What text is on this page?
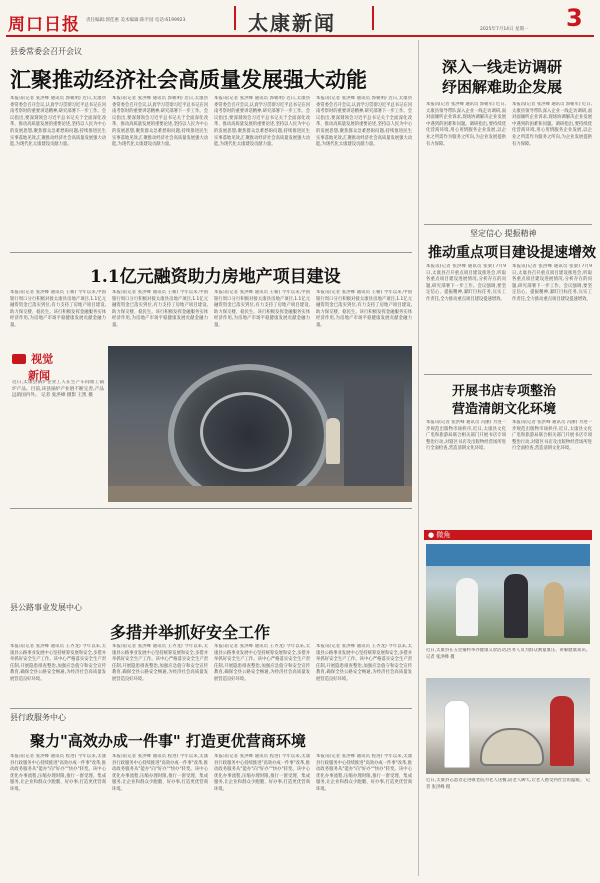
周口日报 责任编辑:郭佳惠 美术编辑:陈平园 电话:6199923	太康新闻	2025年7月14日 星期一 3
县委常委会召开会议
汇聚推动经济社会高质量发展强大动能
本报讯(记者 张洪峰 通讯员 郭朝明) 近日,太康县委常委会召开会议,认真学习贯彻习近平总书记在河南考察时的重要讲话精神,研究部署下一步工作。会议指出,要深刻领会习近平总书记关于全面深化改革、推动高质量发展的重要论述,坚持以人民为中心的发展思想,聚焦群众急难愁盼问题,持续推进民生实事落地见效,汇聚推动经济社会高质量发展强大动能,为现代化太康建设贡献力量。
本报讯(记者 张洪峰 通讯员 郭朝明) 近日,太康县委常委会召开会议,认真学习贯彻习近平总书记在河南考察时的重要讲话精神,研究部署下一步工作。会议指出,要深刻领会习近平总书记关于全面深化改革、推动高质量发展的重要论述,坚持以人民为中心的发展思想,聚焦群众急难愁盼问题,持续推进民生实事落地见效,汇聚推动经济社会高质量发展强大动能,为现代化太康建设贡献力量。
本报讯(记者 张洪峰 通讯员 郭朝明) 近日,太康县委常委会召开会议,认真学习贯彻习近平总书记在河南考察时的重要讲话精神,研究部署下一步工作。会议指出,要深刻领会习近平总书记关于全面深化改革、推动高质量发展的重要论述,坚持以人民为中心的发展思想,聚焦群众急难愁盼问题,持续推进民生实事落地见效,汇聚推动经济社会高质量发展强大动能,为现代化太康建设贡献力量。
本报讯(记者 张洪峰 通讯员 郭朝明) 近日,太康县委常委会召开会议,认真学习贯彻习近平总书记在河南考察时的重要讲话精神,研究部署下一步工作。会议指出,要深刻领会习近平总书记关于全面深化改革、推动高质量发展的重要论述,坚持以人民为中心的发展思想,聚焦群众急难愁盼问题,持续推进民生实事落地见效,汇聚推动经济社会高质量发展强大动能,为现代化太康建设贡献力量。
深入一线走访调研
纾困解难助企发展
本报讯(记者 张洪峰 通讯员 郭朝军) 近日,太康县领导带队深入企业一线走访调研,面对面倾听企业诉求,现场协调解决企业发展中遇到的困难和问题。调研指出,要持续优化营商环境,用心用情服务企业发展,以企业之所需作为服务之所向,为企业发展提供有力保障。
本报讯(记者 张洪峰 通讯员 郭朝军) 近日,太康县领导带队深入企业一线走访调研,面对面倾听企业诉求,现场协调解决企业发展中遇到的困难和问题。调研指出,要持续优化营商环境,用心用情服务企业发展,以企业之所需作为服务之所向,为企业发展提供有力保障。
坚定信心 提振精神
推动重点项目建设提速增效
本报讯(记者 张洪峰 通讯员 张梁) 7月9日,太康县召开重点项目建设推进会,听取各重点项目建设进展情况,分析存在的问题,研究部署下一步工作。会议强调,要坚定信心、提振精神,紧盯目标任务,压实工作责任,全力推动重点项目建设提速增效。
本报讯(记者 张洪峰 通讯员 张梁) 7月9日,太康县召开重点项目建设推进会,听取各重点项目建设进展情况,分析存在的问题,研究部署下一步工作。会议强调,要坚定信心、提振精神,紧盯目标任务,压实工作责任,全力推动重点项目建设提速增效。
开展书店专项整治
营造清朗文化环境
本报讯(记者 张洪峰 通讯员 冯丽) 为进一步规范出版物市场秩序,近日,太康县文化广电和旅游局联合相关部门开展书店专项整治行动,对辖区书店及出版物经营场所进行全面检查,营造清朗文化环境。
本报讯(记者 张洪峰 通讯员 冯丽) 为进一步规范出版物市场秩序,近日,太康县文化广电和旅游局联合相关部门开展书店专项整治行动,对辖区书店及出版物经营场所进行全面检查,营造清朗文化环境。
● 微角
近日,太康县在五里铺村举办健康义诊活动,医务人员为群众测量血压、讲解健康知识。 记者 张洪峰 摄
近日,太康县志愿者走进敬老院为老人送餐,陪老人聊天,让老人感受到社会的温暖。 记者 张洪峰 摄
1.1亿元融资助力房地产项目建设
本报讯(记者 张洪峰 通讯员 王朝) 今年以来,中国银行周口分行积极对接太康县房地产项目,1.1亿元融资资金已落实到位,有力支持了房地产项目建设,助力保交楼、稳民生。该行积极发挥金融服务实体经济作用,为房地产市场平稳健康发展贡献金融力量。
本报讯(记者 张洪峰 通讯员 王朝) 今年以来,中国银行周口分行积极对接太康县房地产项目,1.1亿元融资资金已落实到位,有力支持了房地产项目建设,助力保交楼、稳民生。该行积极发挥金融服务实体经济作用,为房地产市场平稳健康发展贡献金融力量。
本报讯(记者 张洪峰 通讯员 王朝) 今年以来,中国银行周口分行积极对接太康县房地产项目,1.1亿元融资资金已落实到位,有力支持了房地产项目建设,助力保交楼、稳民生。该行积极发挥金融服务实体经济作用,为房地产市场平稳健康发展贡献金融力量。
本报讯(记者 张洪峰 通讯员 王朝) 今年以来,中国银行周口分行积极对接太康县房地产项目,1.1亿元融资资金已落实到位,有力支持了房地产项目建设,助力保交楼、稳民生。该行积极发挥金融服务实体经济作用,为房地产市场平稳健康发展贡献金融力量。
视觉
新闻
近日,太康县锅炉企业工人在生产车间加工锅炉产品。目前,该县锅炉产业链不断完善,产品远销国内外。 记者 张洪峰 摄影 王凯 摄
县公路事业发展中心
多措并举抓好安全工作
本报讯(记者 张洪峰 通讯员 王齐龙) 今年以来,太康县公路事业发展中心坚持统筹发展和安全,多措并举抓好安全生产工作。该中心严格落实安全生产责任制,开展隐患排查整治,加强应急值守和安全宣传教育,确保全县公路安全畅通,为经济社会高质量发展营造良好环境。
本报讯(记者 张洪峰 通讯员 王齐龙) 今年以来,太康县公路事业发展中心坚持统筹发展和安全,多措并举抓好安全生产工作。该中心严格落实安全生产责任制,开展隐患排查整治,加强应急值守和安全宣传教育,确保全县公路安全畅通,为经济社会高质量发展营造良好环境。
本报讯(记者 张洪峰 通讯员 王齐龙) 今年以来,太康县公路事业发展中心坚持统筹发展和安全,多措并举抓好安全生产工作。该中心严格落实安全生产责任制,开展隐患排查整治,加强应急值守和安全宣传教育,确保全县公路安全畅通,为经济社会高质量发展营造良好环境。
本报讯(记者 张洪峰 通讯员 王齐龙) 今年以来,太康县公路事业发展中心坚持统筹发展和安全,多措并举抓好安全生产工作。该中心严格落实安全生产责任制,开展隐患排查整治,加强应急值守和安全宣传教育,确保全县公路安全畅通,为经济社会高质量发展营造良好环境。
县行政服务中心
聚力"高效办成一件事" 打造更优营商环境
本报讯(记者 张洪峰 通讯员 程进) 今年以来,太康县行政服务中心持续推进"高效办成一件事"改革,推动政务服务从"能办"向"好办""快办"转变。该中心优化办事流程,压缩办理时限,推行一窗受理、集成服务,让企业和群众少跑腿、好办事,打造更优营商环境。
本报讯(记者 张洪峰 通讯员 程进) 今年以来,太康县行政服务中心持续推进"高效办成一件事"改革,推动政务服务从"能办"向"好办""快办"转变。该中心优化办事流程,压缩办理时限,推行一窗受理、集成服务,让企业和群众少跑腿、好办事,打造更优营商环境。
本报讯(记者 张洪峰 通讯员 程进) 今年以来,太康县行政服务中心持续推进"高效办成一件事"改革,推动政务服务从"能办"向"好办""快办"转变。该中心优化办事流程,压缩办理时限,推行一窗受理、集成服务,让企业和群众少跑腿、好办事,打造更优营商环境。
本报讯(记者 张洪峰 通讯员 程进) 今年以来,太康县行政服务中心持续推进"高效办成一件事"改革,推动政务服务从"能办"向"好办""快办"转变。该中心优化办事流程,压缩办理时限,推行一窗受理、集成服务,让企业和群众少跑腿、好办事,打造更优营商环境。
